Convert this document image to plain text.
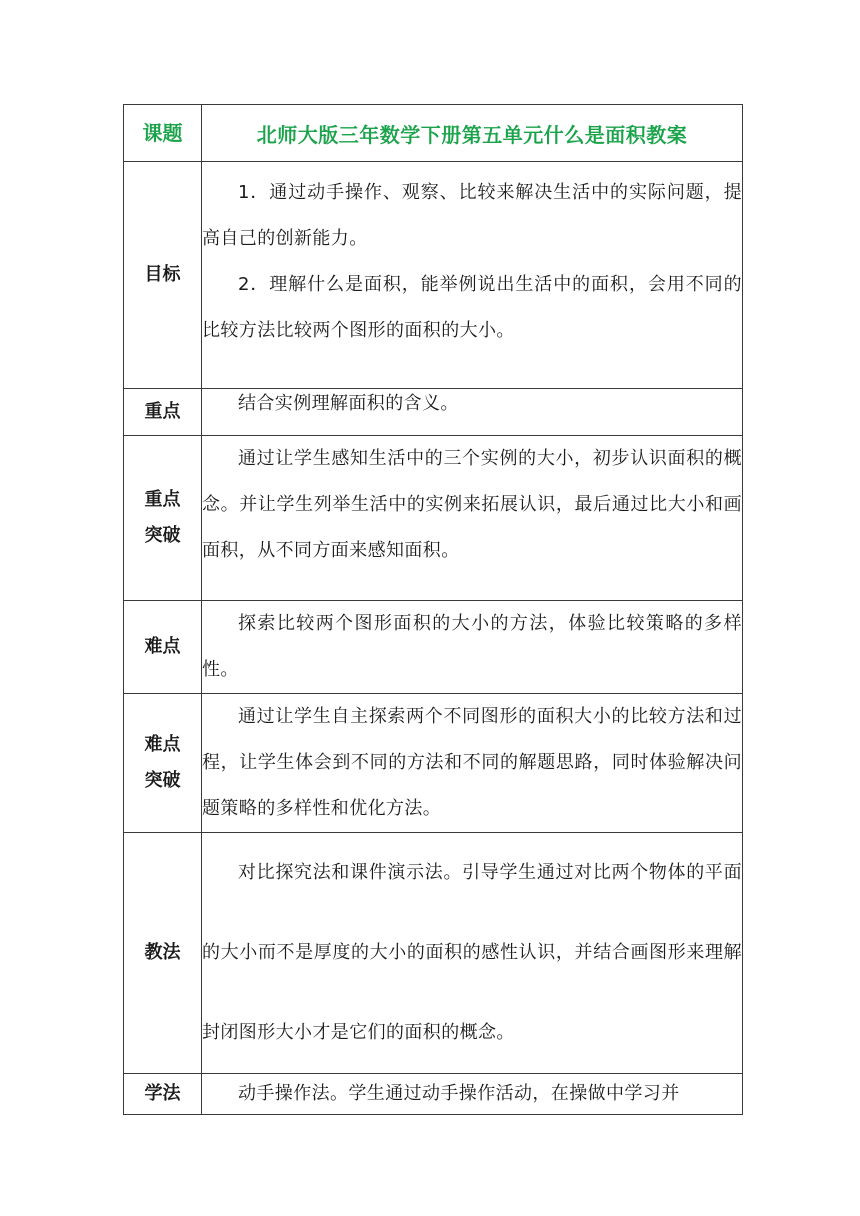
课题	北师大版三年数学下册第五单元什么是面积教案
目标	1．通过动手操作、观察、比较来解决生活中的实际问题，提高自己的创新能力。

2．理解什么是面积，能举例说出生活中的面积，会用不同的比较方法比较两个图形的面积的大小。

重点	结合实例理解面积的含义。

重点
突破	通过让学生感知生活中的三个实例的大小，初步认识面积的概念。并让学生列举生活中的实例来拓展认识，最后通过比大小和画面积，从不同方面来感知面积。

难点	探索比较两个图形面积的大小的方法，体验比较策略的多样性。

难点
突破	通过让学生自主探索两个不同图形的面积大小的比较方法和过程，让学生体会到不同的方法和不同的解题思路，同时体验解决问题策略的多样性和优化方法。

教法	对比探究法和课件演示法。引导学生通过对比两个物体的平面的大小而不是厚度的大小的面积的感性认识，并结合画图形来理解封闭图形大小才是它们的面积的概念。

学法	动手操作法。学生通过动手操作活动，在操做中学习并
